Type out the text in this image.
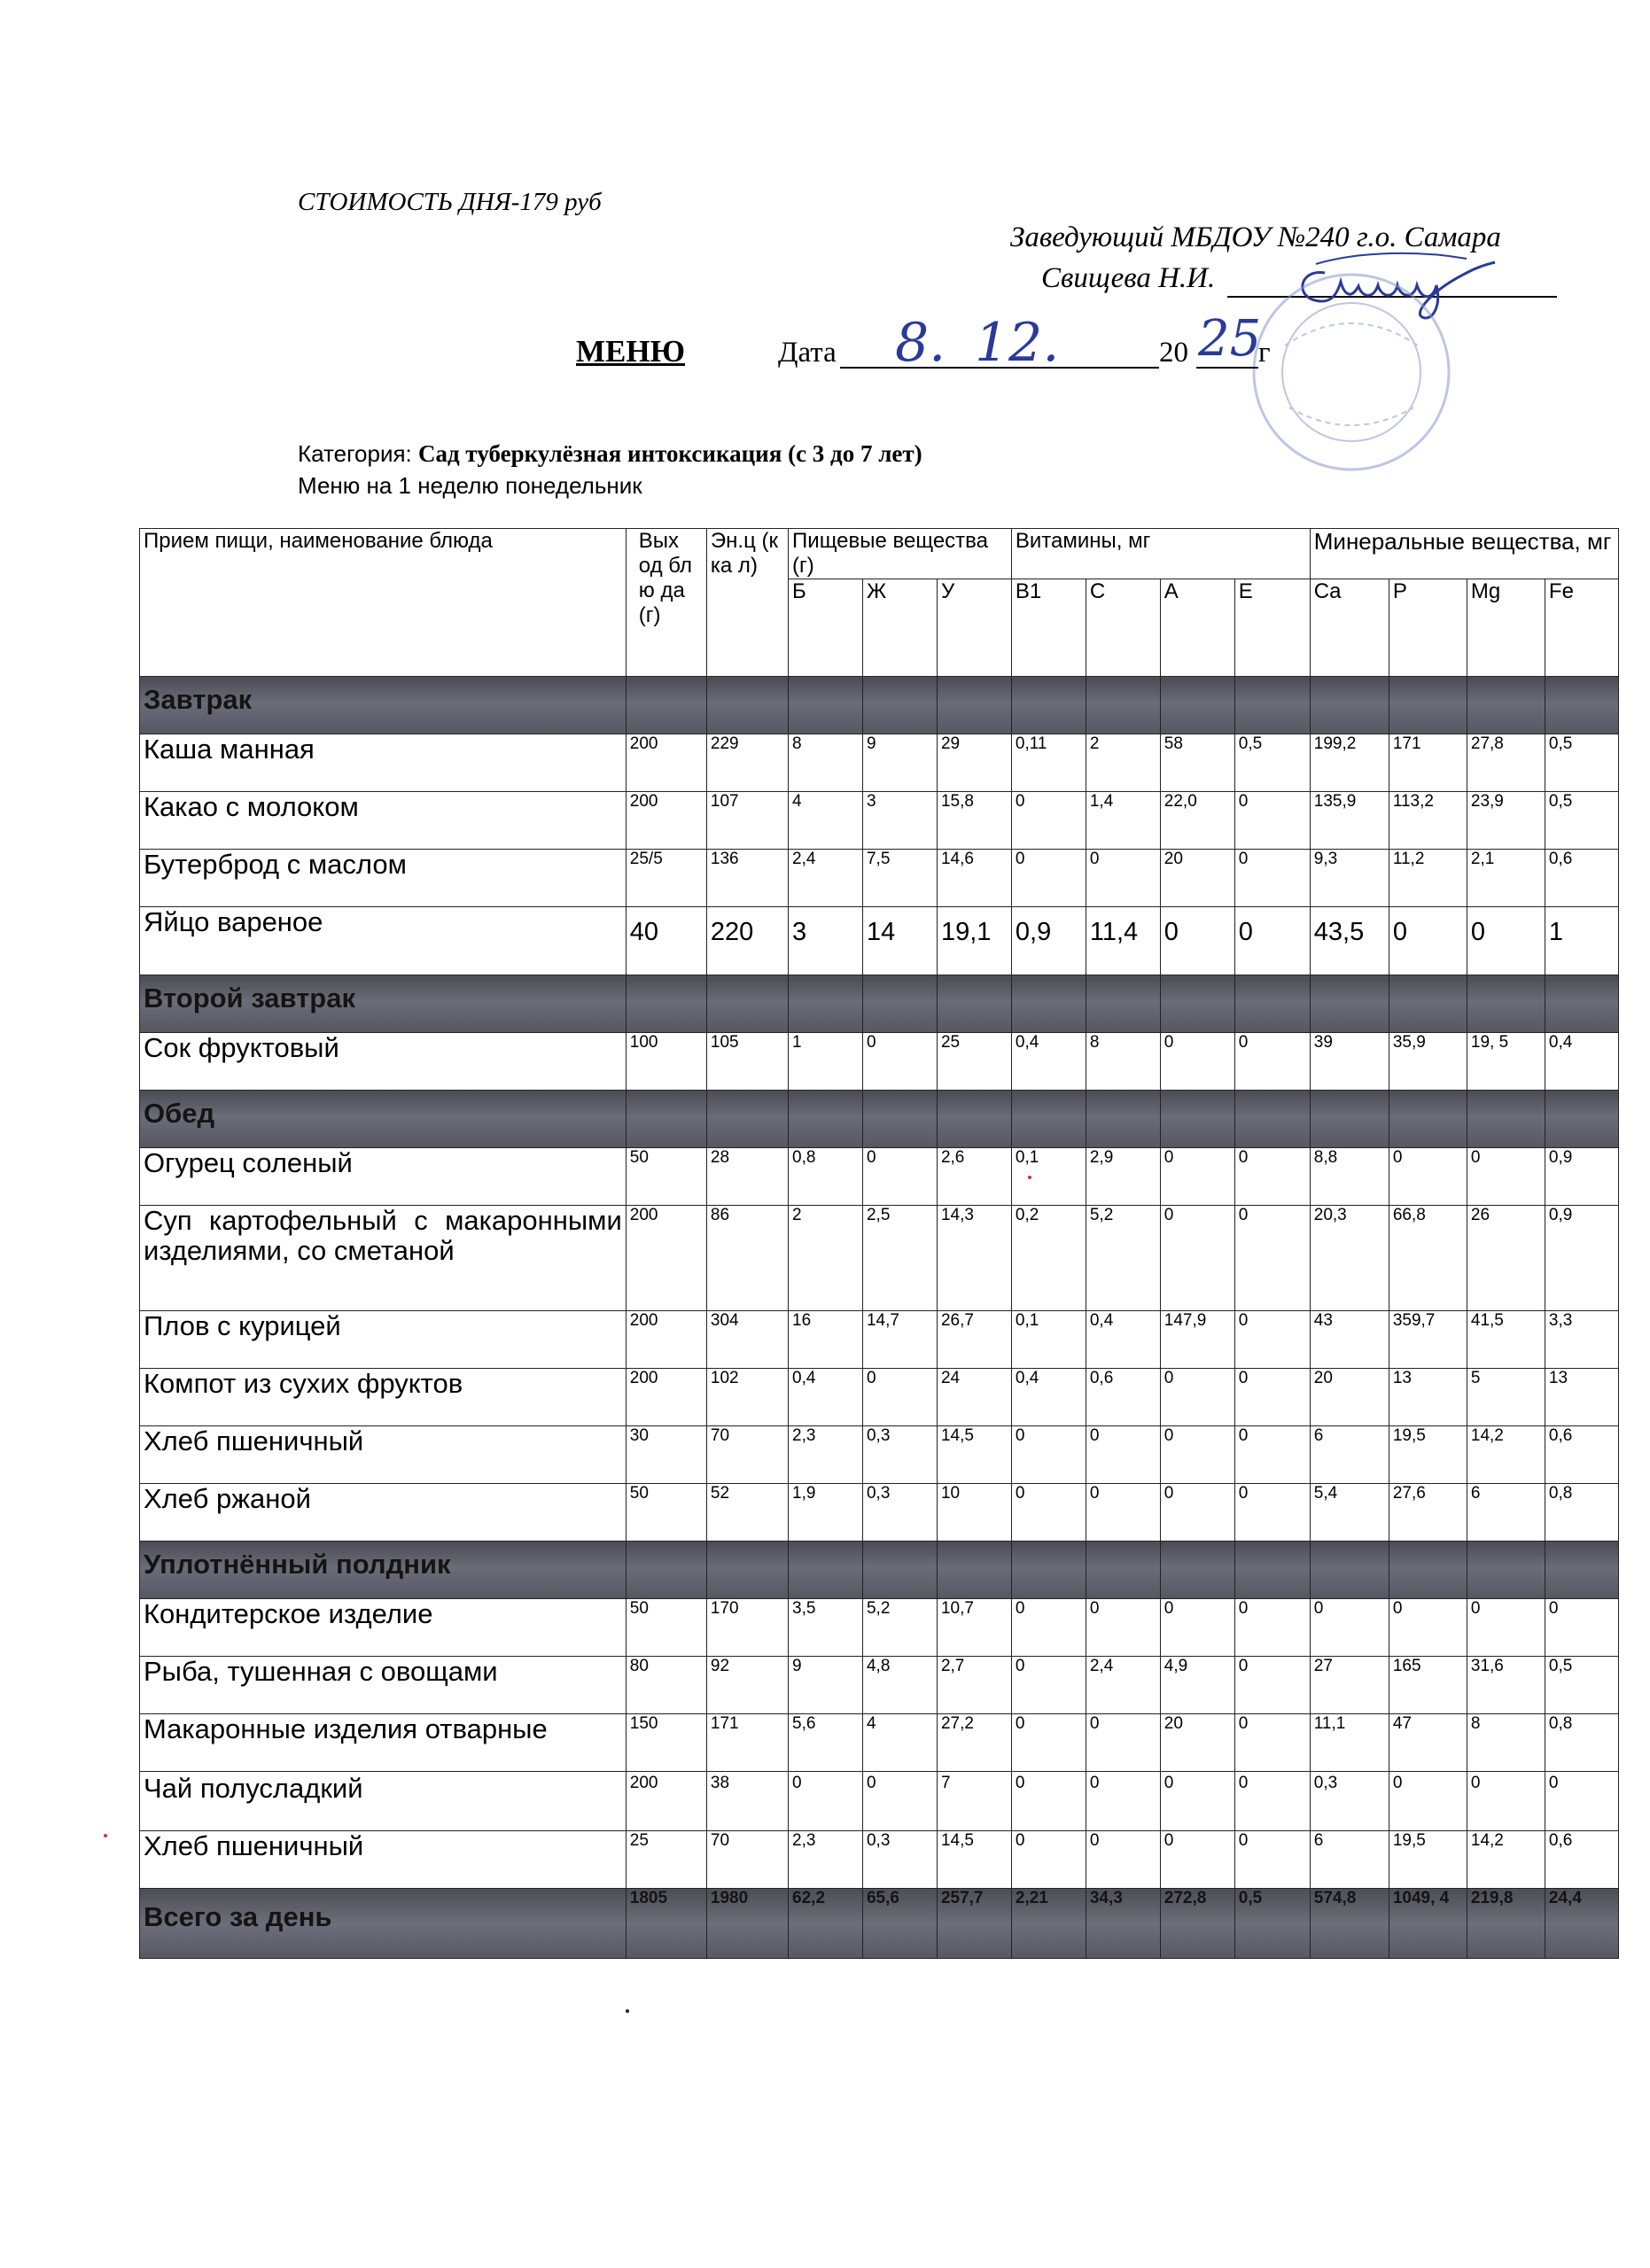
СТОИМОСТЬ ДНЯ-179 руб
Заведующий МБДОУ №240 г.о. Самара
Свищева Н.И.
МЕНЮ	Дата 8. 12.	20 25
г
Категория: Сад туберкулёзная интоксикация (с 3 до 7 лет)
Меню на 1 неделю понедельник
Прием пищи, наименование блюда	Вых од блю да (г)	Эн.ц (кка л)	Пищевые вещества (г)			Витамины, мг				Минеральные вещества, мг			
			Б	Ж	У	В1	С	А	Е	Ca	P	Mg	Fe
Завтрак													
Каша манная	200	229	8	9	29	0,11	2	58	0,5	199,2	171	27,8	0,5
Какао с молоком	200	107	4	3	15,8	0	1,4	22,0	0	135,9	113,2	23,9	0,5
Бутерброд с маслом	25/5	136	2,4	7,5	14,6	0	0	20	0	9,3	11,2	2,1	0,6
Яйцо вареное	40	220	3	14	19,1	0,9	11,4	0	0	43,5	0	0	1
Второй завтрак													
Сок фруктовый	100	105	1	0	25	0,4	8	0	0	39	35,9	19, 5	0,4
Обед													
Огурец соленый	50	28	0,8	0	2,6	0,1	2,9	0	0	8,8	0	0	0,9
Суп картофельный с макаронными изделиями, со сметаной	200	86	2	2,5	14,3	0,2	5,2	0	0	20,3	66,8	26	0,9
Плов с курицей	200	304	16	14,7	26,7	0,1	0,4	147,9	0	43	359,7	41,5	3,3
Компот из сухих фруктов	200	102	0,4	0	24	0,4	0,6	0	0	20	13	5	13
Хлеб пшеничный	30	70	2,3	0,3	14,5	0	0	0	0	6	19,5	14,2	0,6
Хлеб ржаной	50	52	1,9	0,3	10	0	0	0	0	5,4	27,6	6	0,8
Уплотнённый полдник													
Кондитерское изделие	50	170	3,5	5,2	10,7	0	0	0	0	0	0	0	0
Рыба, тушенная с овощами	80	92	9	4,8	2,7	0	2,4	4,9	0	27	165	31,6	0,5
Макаронные изделия отварные	150	171	5,6	4	27,2	0	0	20	0	11,1	47	8	0,8
Чай полусладкий	200	38	0	0	7	0	0	0	0	0,3	0	0	0
Хлеб пшеничный	25	70	2,3	0,3	14,5	0	0	0	0	6	19,5	14,2	0,6
Всего за день	1805	1980	62,2	65,6	257,7	2,21	34,3	272,8	0,5	574,8	1049, 4	219,8	24,4
